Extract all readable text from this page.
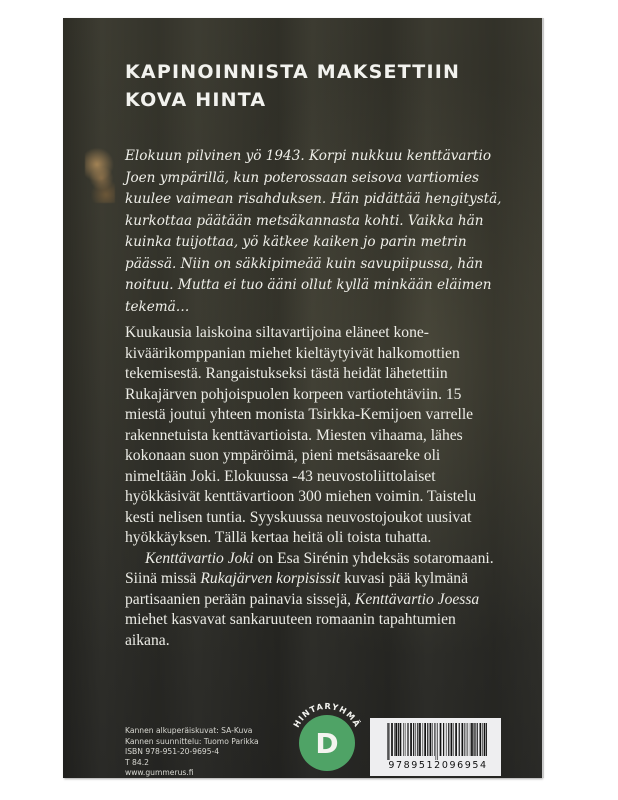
KAPINOINNISTA MAKSETTIIN
KOVA HINTA

Elokuun pilvinen yö 1943. Korpi nukkuu kenttävartio Joen ympärillä, kun poterossaan seisova vartiomies kuulee vaimean risahduksen. Hän pidättää hengitystä, kurkottaa päätään metsäkannasta kohti. Vaikka hän kuinka tuijottaa, yö kätkee kaiken jo parin metrin päässä. Niin on säkkipimeää kuin savupiipussa, hän noituu. Mutta ei tuo ääni ollut kyllä minkään eläimen tekemä…

Kuukausia laiskoina siltavartijoina eläneet konekiväärikomppanian miehet kieltäytyivät halkomottien tekemisestä. Rangaistukseksi tästä heidät lähetettiin Rukajärven pohjoispuolen korpeen vartiotehtäviin. 15 miestä joutui yhteen monista Tsirkka-Kemijoen varrelle rakennetuista kenttävartioista. Miesten vihaama, lähes kokonaan suon ympäröimä, pieni metsäsaareke oli nimeltään Joki. Elokuussa -43 neuvostoliittolaiset hyökkäsivät kenttävartioon 300 miehen voimin. Taistelu kesti nelisen tuntia. Syyskuussa neuvostojoukot uusivat hyökkäyksen. Tällä kertaa heitä oli toista tuhatta.

Kenttävartio Joki on Esa Sirénin yhdeksäs sotaromaani. Siinä missä Rukajärven korpisissit kuvasi pää kylmänä partisaanien perään painavia sissejä, Kenttävartio Joessa miehet kasvavat sankaruuteen romaanin tapahtumien aikana.

Kannen alkuperäiskuvat: SA-Kuva
Kannen suunnittelu: Tuomo Parikka
ISBN 978-951-20-9695-4
T 84.2
www.gummerus.fi
HINTARYHMÄ
D
9789512096954
